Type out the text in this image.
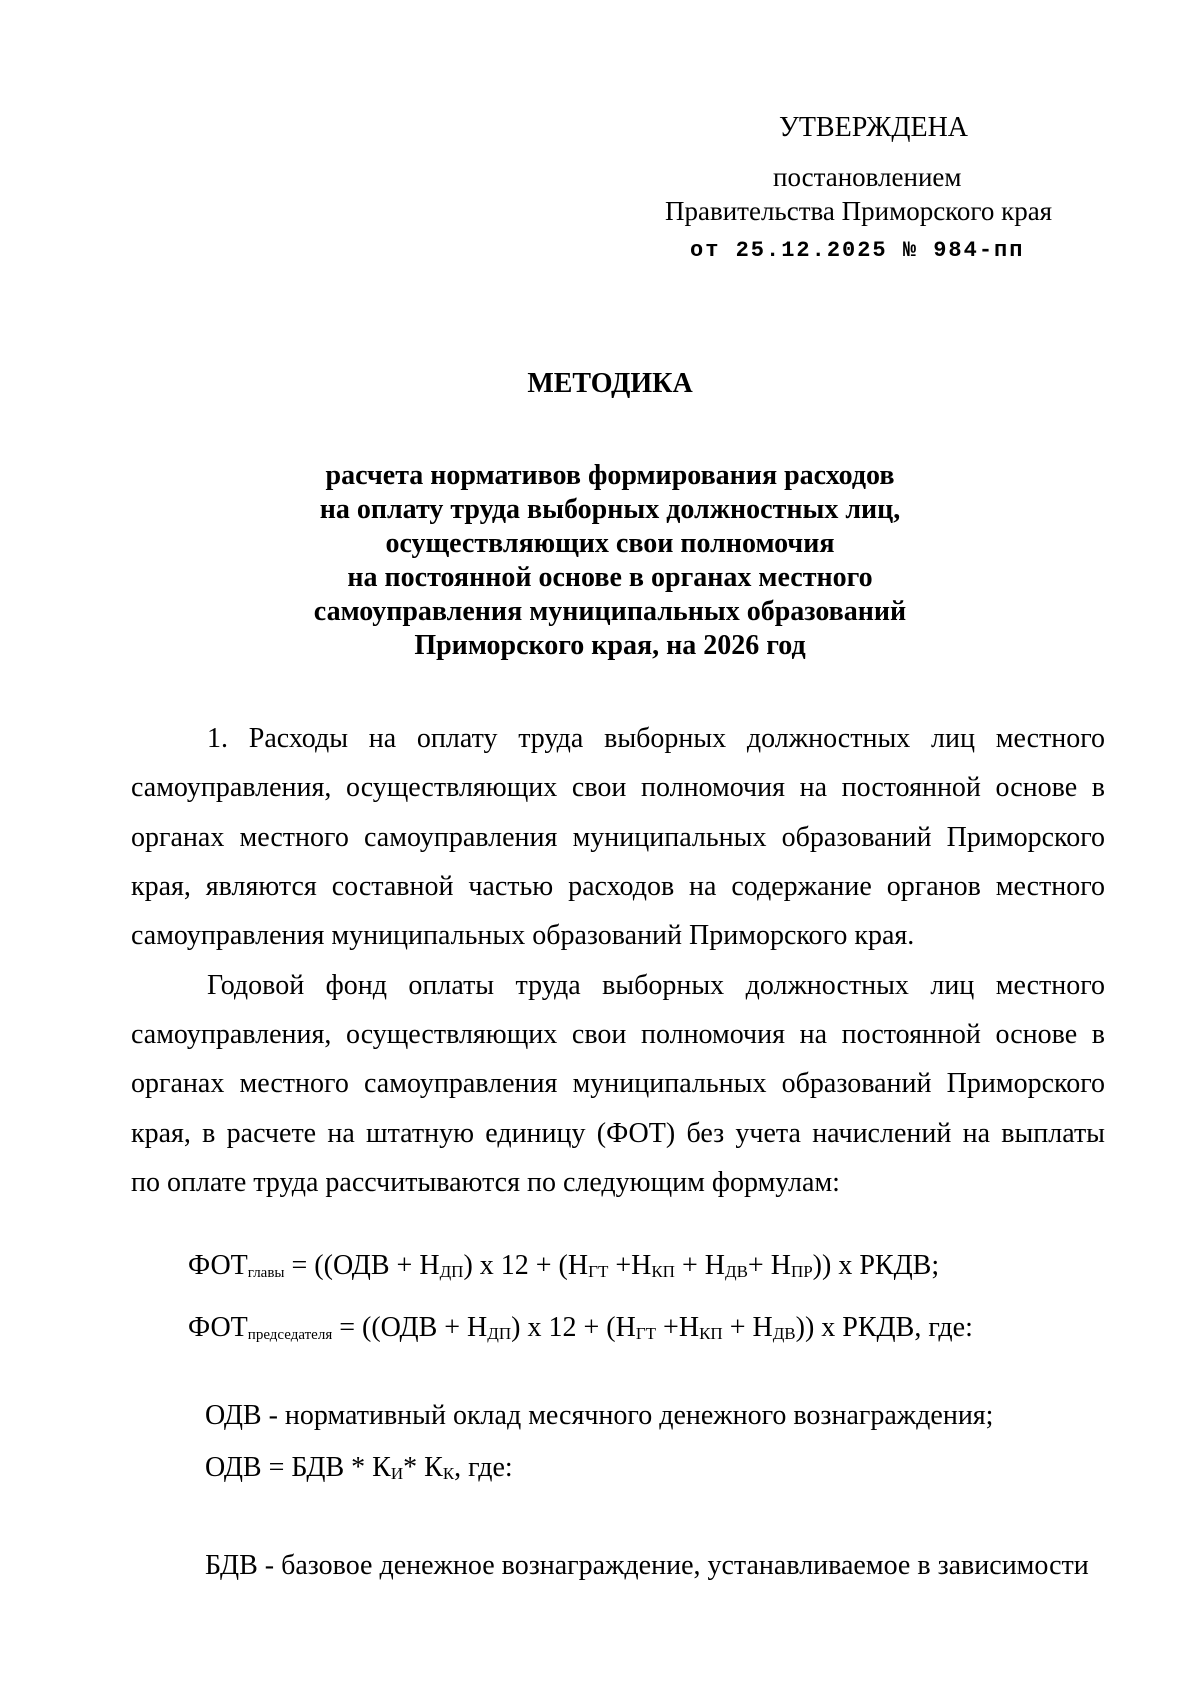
УТВЕРЖДЕНА
постановлением
Правительства Приморского края
от 25.12.2025 № 984-пп
МЕТОДИКА
расчета нормативов формирования расходов
на оплату труда выборных должностных лиц,
осуществляющих свои полномочия
на постоянной основе в органах местного
самоуправления муниципальных образований
Приморского края, на 2026 год
1. Расходы на оплату труда выборных должностных лиц местного
самоуправления, осуществляющих свои полномочия на постоянной основе в
органах местного самоуправления муниципальных образований Приморского
края, являются составной частью расходов на содержание органов местного
самоуправления муниципальных образований Приморского края.
Годовой фонд оплаты труда выборных должностных лиц местного
самоуправления, осуществляющих свои полномочия на постоянной основе в
органах местного самоуправления муниципальных образований Приморского
края, в расчете на штатную единицу (ФОТ) без учета начислений на выплаты
по оплате труда рассчитываются по следующим формулам:
$ФОТ_{главы} = ((ОДВ + Н_{ДП})$ х $12 + (Н_{ГТ} +Н_{КП} + Н_{ДВ}+ Н_{ПР})$) х РКДВ;
$ФОТ_{председателя} = ((ОДВ + Н_{ДП})$ х $12 + (Н_{ГТ} +Н_{КП} + Н_{ДВ})$) х РКДВ, где:
ОДВ - нормативный оклад месячного денежного вознаграждения;
ОДВ = БДВ * $К_И*$ $К_К$, где:
БДВ - базовое денежное вознаграждение, устанавливаемое в зависимости
